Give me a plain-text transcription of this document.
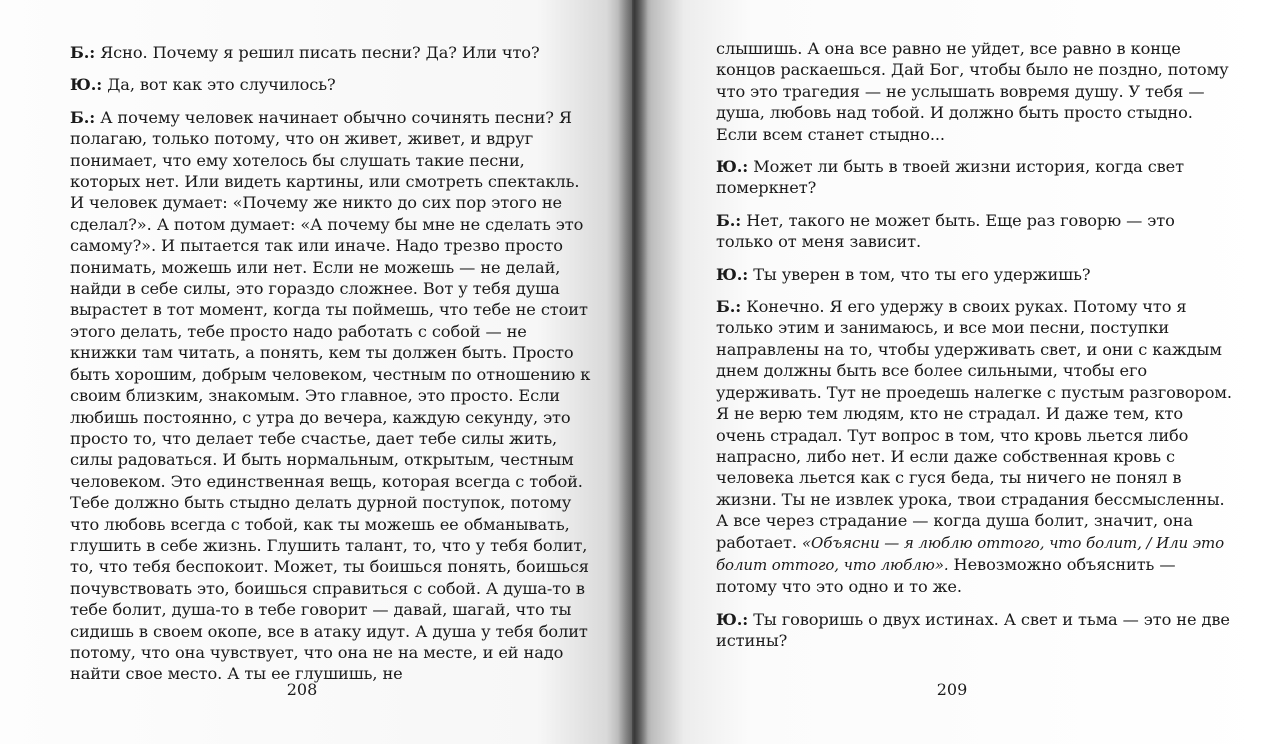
Б.: Ясно. Почему я решил писать песни? Да? Или что?

Ю.: Да, вот как это случилось?

Б.: А почему человек начинает обычно сочинять песни? Я полагаю, только потому, что он живет, живет, и вдруг понимает, что ему хотелось бы слушать такие песни, которых нет. Или видеть картины, или смотреть спектакль. И человек думает: «Почему же никто до сих пор этого не сделал?». А потом думает: «А почему бы мне не сделать это самому?». И пытается так или иначе. Надо трезво просто понимать, можешь или нет. Если не можешь — не делай, найди в себе силы, это гораздо сложнее. Вот у тебя душа вырастет в тот момент, когда ты поймешь, что тебе не стоит этого делать, тебе просто надо работать с собой — не книжки там читать, а понять, кем ты должен быть. Просто быть хорошим, добрым человеком, честным по отношению к своим близким, знакомым. Это главное, это просто. Если любишь постоянно, с утра до вечера, каждую секунду, это просто то, что делает тебе счастье, дает тебе силы жить, силы радоваться. И быть нормальным, открытым, честным человеком. Это единственная вещь, которая всегда с тобой. Тебе должно быть стыдно делать дурной поступок, потому что любовь всегда с тобой, как ты можешь ее обманывать, глушить в себе жизнь. Глушить талант, то, что у тебя болит, то, что тебя беспокоит. Может, ты боишься понять, боишься почувствовать это, боишься справиться с собой. А душа-то в тебе болит, душа-то в тебе говорит — давай, шагай, что ты сидишь в своем окопе, все в атаку идут. А душа у тебя болит потому, что она чувствует, что она не на месте, и ей надо найти свое место. А ты ее глушишь, не

208

слышишь. А она все равно не уйдет, все равно в конце концов раскаешься. Дай Бог, чтобы было не поздно, потому что это трагедия — не услышать вовремя душу. У тебя — душа, любовь над тобой. И должно быть просто стыдно. Если всем станет стыдно...

Ю.: Может ли быть в твоей жизни история, когда свет померкнет?

Б.: Нет, такого не может быть. Еще раз говорю — это только от меня зависит.

Ю.: Ты уверен в том, что ты его удержишь?

Б.: Конечно. Я его удержу в своих руках. Потому что я только этим и занимаюсь, и все мои песни, поступки направлены на то, чтобы удерживать свет, и они с каждым днем должны быть все более сильными, чтобы его удерживать. Тут не проедешь налегке с пустым разговором. Я не верю тем людям, кто не страдал. И даже тем, кто очень страдал. Тут вопрос в том, что кровь льется либо напрасно, либо нет. И если даже собственная кровь с человека льется как с гуся беда, ты ничего не понял в жизни. Ты не извлек урока, твои страдания бессмысленны. А все через страдание — когда душа болит, значит, она работает. «Объясни — я люблю оттого, что болит, / Или это болит оттого, что люблю». Невозможно объяснить — потому что это одно и то же.

Ю.: Ты говоришь о двух истинах. А свет и тьма — это не две истины?

209
